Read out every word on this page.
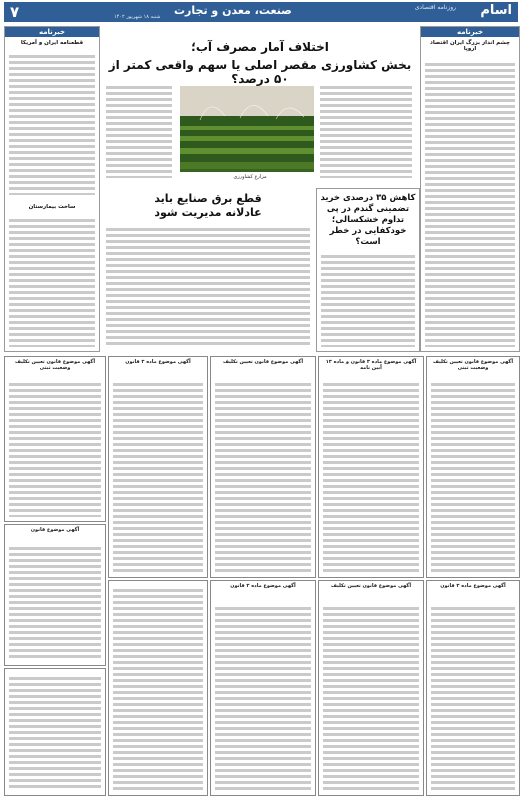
اسام
روزنامه اقتصادی
صنعت، معدن و تجارت
شنبه ۱۸ شهریور ۱۴۰۲
۷
خبرنامه
چشم انداز بزرگ ایران اقتصاد اروپا
خبرنامه
قطعنامه ایران و آمریکا
ساخت بیمارستان
اختلاف آمار مصرف آب؛
بخش کشاورزی مقصر اصلی یا سهم واقعی کمتر از ۵۰ درصد؟
مزارع کشاورزی
کاهش ۳۵ درصدی خرید تضمینی گندم در پی تداوم خشکسالی؛ خودکفایی در خطر است؟
قطع برق صنایع باید عادلانه مدیریت شود
آگهی موضوع قانون تعیین تکلیف وضعیت ثبتی
آگهی موضوع ماده ۳ قانون و ماده ۱۳ آیین نامه
آگهی موضوع قانون تعیین تکلیف
آگهی موضوع ماده ۳ قانون
آگهی موضوع قانون تعیین تکلیف وضعیت ثبتی
آگهی موضوع قانون
آگهی موضوع ماده ۳ قانون
آگهی موضوع قانون تعیین تکلیف
آگهی موضوع ماده ۳ قانون
